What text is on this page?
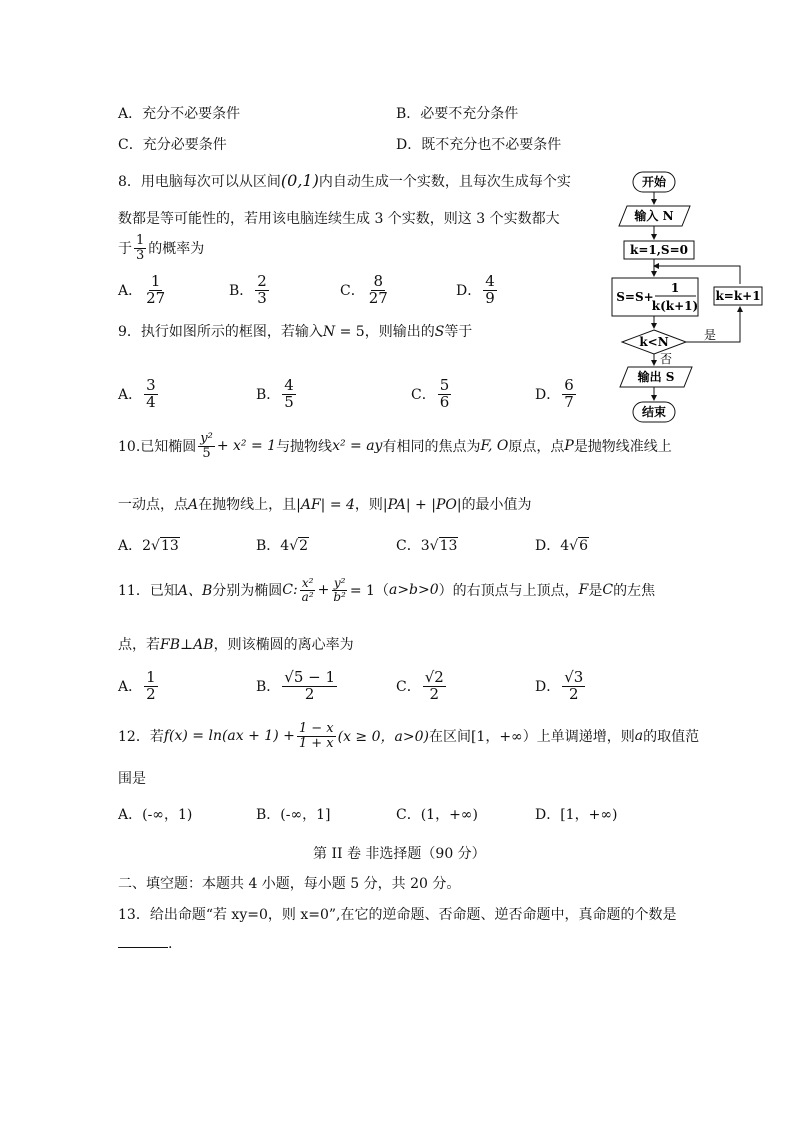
A．充分不必要条件	B．必要不充分条件
C．充分必要条件	D．既不充分也不必要条件
8．用电脑每次可以从区间(0,1)内自动生成一个实数，且每次生成每个实
数都是等可能性的，若用该电脑连续生成 3 个实数，则这 3 个实数都大
于 $\frac{1}{3}$ 的概率为
A． $\frac{1}{27}$	B． $\frac{2}{3}$	C． $\frac{8}{27}$	D． $\frac{4}{9}$
9．执行如图所示的框图，若输入N = 5，则输出的S等于
A． $\frac{3}{4}$	B． $\frac{4}{5}$	C． $\frac{5}{6}$	D． $\frac{6}{7}$
开始
输入 N
k=1,S=0
S=S+
1
k(k+1)
k=k+1
k<N	是
否
输出 S
结束
10.已知椭圆 $\frac{\text{y²}}{5} + x^2 = 1$ 与抛物线 x² = ay 有相同的焦点为 F, O 原点，点 P 是抛物线准线上
一动点，点A在抛物线上，且|AF| = 4，则|PA| + |PO|的最小值为
A．2√13	B．4√2	C．3√13	D．4√6
11．已知 A、B 分别为椭圆 C: $\frac{\text{x²}}{\text{a²}} + \frac{\text{y²}}{\text{b²}} = 1$（ a>b>0 ）的右顶点与上顶点， F 是 C 的左焦
点，若FB⊥AB，则该椭圆的离心率为
A． $\frac{1}{2}$	B． $\frac{√5 - 1}{2}$	C． $\frac{√2}{2}$	D． $\frac{√3}{2}$
12．若 $f(x) = \ln(ax + 1) + \frac{1 - x}{1 + x} (x \ge 0$，a>0) 在区间[1，+∞）上单调递增，则 a 的取值范
围是
A．(-∞，1)	B．(-∞，1]	C．(1，+∞)	D．[1，+∞)
第 II 卷 非选择题（90 分）
二、填空题：本题共 4 小题，每小题 5 分，共 20 分。
13．给出命题“若 xy=0，则 x=0”,在它的逆命题、否命题、逆否命题中，真命题的个数是
.
